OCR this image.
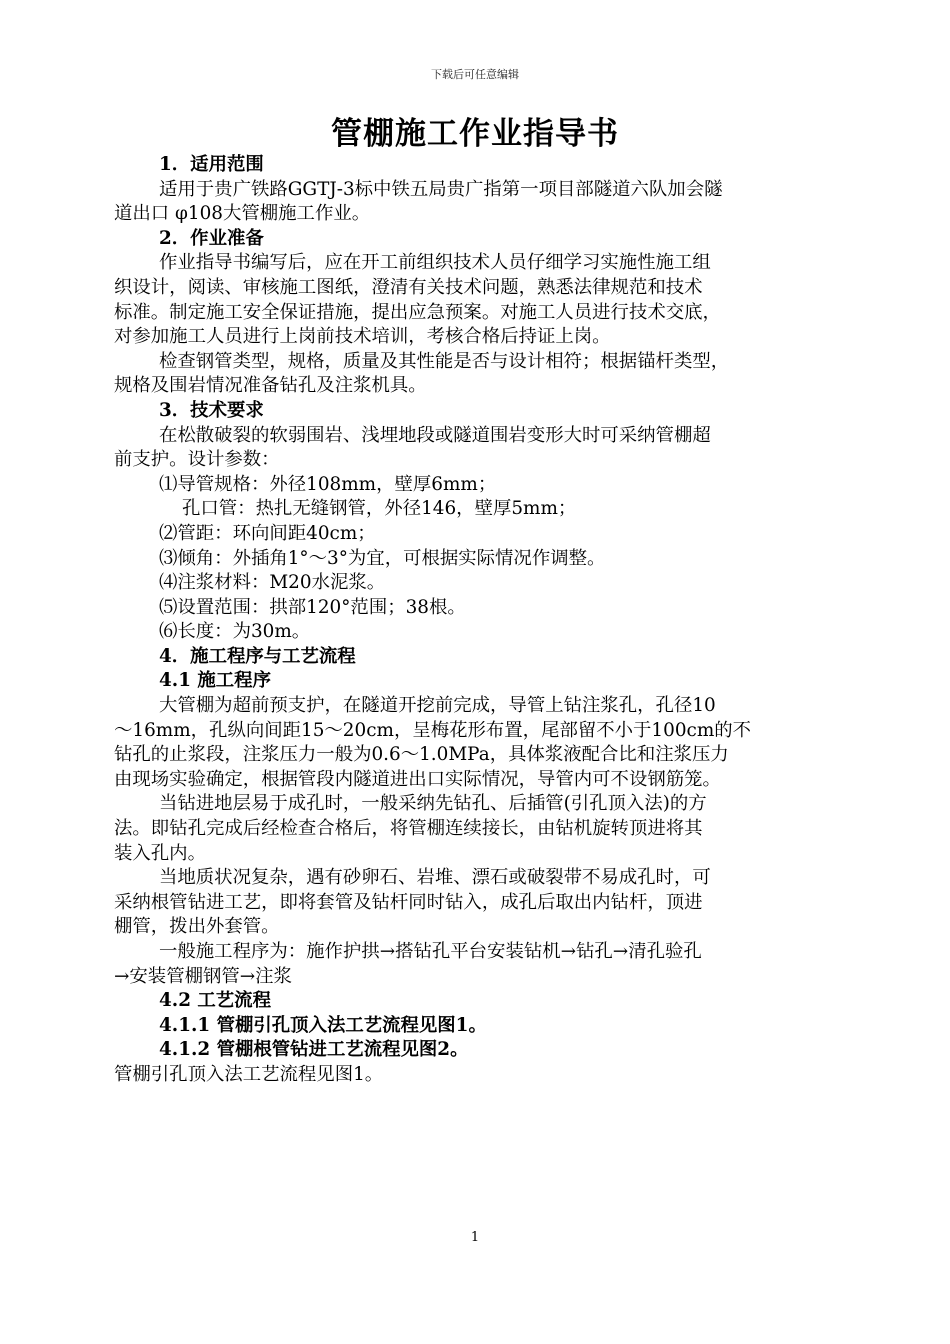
下载后可任意编辑
管棚施工作业指导书
1．适用范围
适用于贵广铁路GGTJ-3标中铁五局贵广指第一项目部隧道六队加会隧
道出口 φ108大管棚施工作业。
2．作业准备
作业指导书编写后，应在开工前组织技术人员仔细学习实施性施工组
织设计，阅读、审核施工图纸，澄清有关技术问题，熟悉法律规范和技术
标准。制定施工安全保证措施，提出应急预案。对施工人员进行技术交底，
对参加施工人员进行上岗前技术培训，考核合格后持证上岗。
检查钢管类型，规格，质量及其性能是否与设计相符；根据锚杆类型，
规格及围岩情况准备钻孔及注浆机具。
3．技术要求
在松散破裂的软弱围岩、浅埋地段或隧道围岩变形大时可采纳管棚超
前支护。设计参数：
⑴导管规格：外径108mm，壁厚6mm；
孔口管：热扎无缝钢管，外径146，壁厚5mm；
⑵管距：环向间距40cm；
⑶倾角：外插角1°～3°为宜，可根据实际情况作调整。
⑷注浆材料：M20水泥浆。
⑸设置范围：拱部120°范围；38根。
⑹长度：为30m。
4．施工程序与工艺流程
4.1 施工程序
大管棚为超前预支护，在隧道开挖前完成，导管上钻注浆孔，孔径10
～16mm，孔纵向间距15～20cm，呈梅花形布置，尾部留不小于100cm的不
钻孔的止浆段，注浆压力一般为0.6～1.0MPa，具体浆液配合比和注浆压力
由现场实验确定，根据管段内隧道进出口实际情况，导管内可不设钢筋笼。
当钻进地层易于成孔时，一般采纳先钻孔、后插管(引孔顶入法)的方
法。即钻孔完成后经检查合格后，将管棚连续接长，由钻机旋转顶进将其
装入孔内。
当地质状况复杂，遇有砂卵石、岩堆、漂石或破裂带不易成孔时，可
采纳根管钻进工艺，即将套管及钻杆同时钻入，成孔后取出内钻杆，顶进
棚管，拨出外套管。
一般施工程序为：施作护拱→搭钻孔平台安装钻机→钻孔→清孔验孔
→安装管棚钢管→注浆
4.2 工艺流程
4.1.1 管棚引孔顶入法工艺流程见图1。
4.1.2 管棚根管钻进工艺流程见图2。
管棚引孔顶入法工艺流程见图1。
1
